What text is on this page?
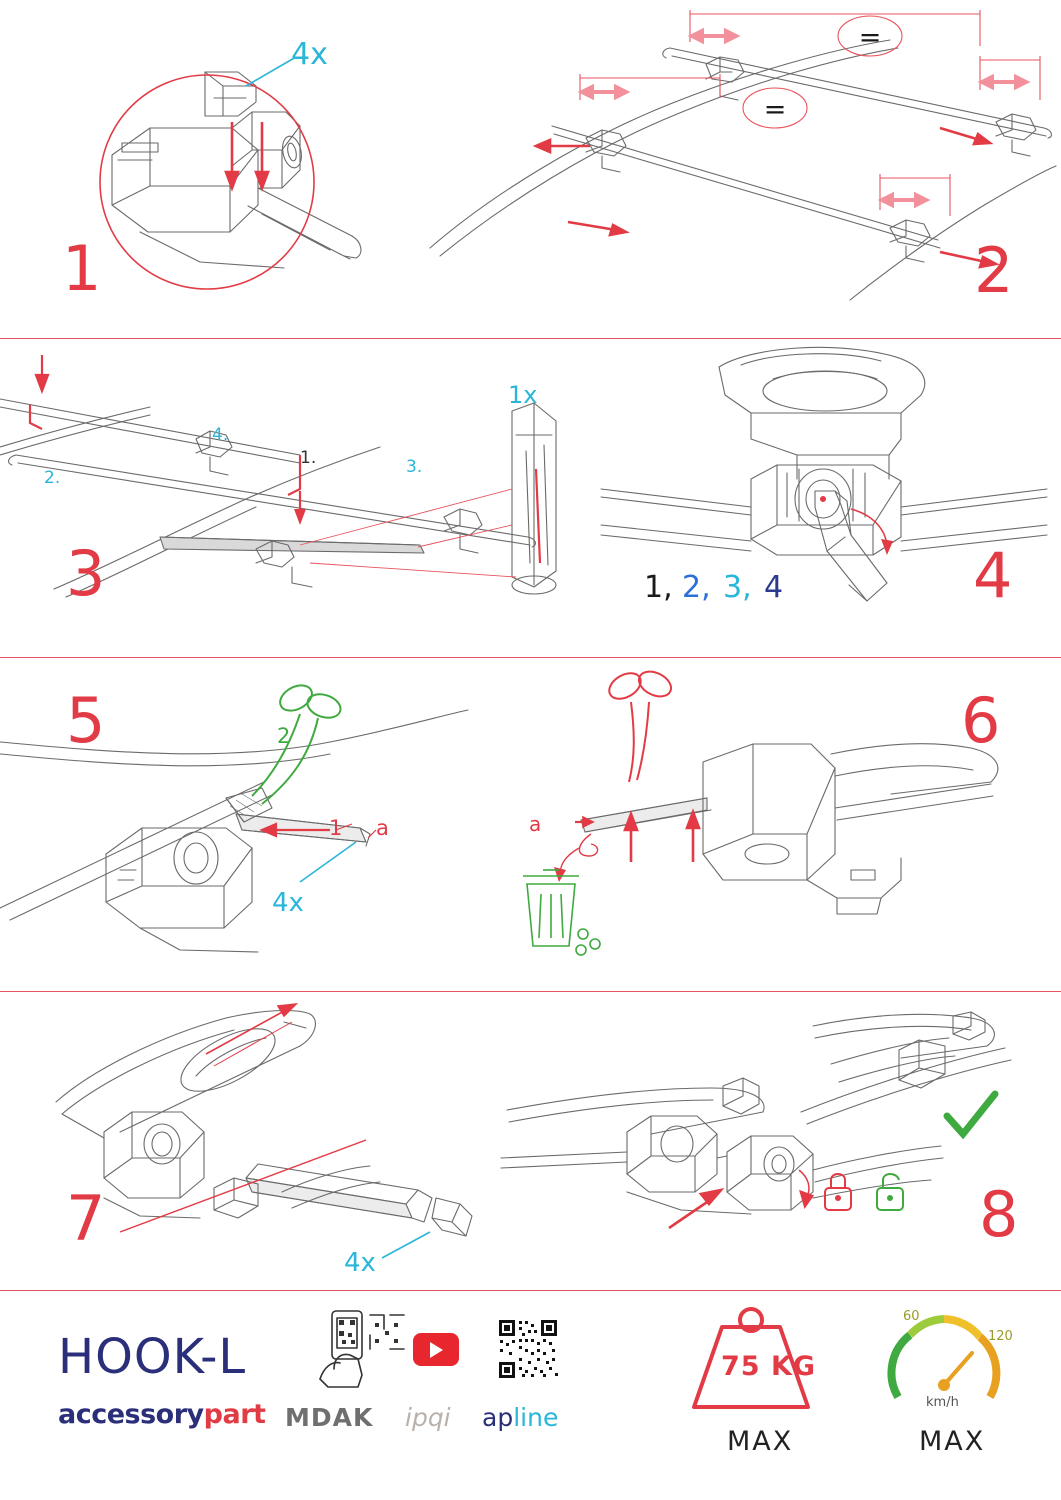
4x
1
=
=
2
1.
2.
3.
4.
1x
3	1, 2, 3, 4	4
1
2
a
4x
5
a
6
4x
7	8
HOOK-L
accessorypart MDAK ipqi apline
75 KG
MAX
60
120
km/h
MAX
